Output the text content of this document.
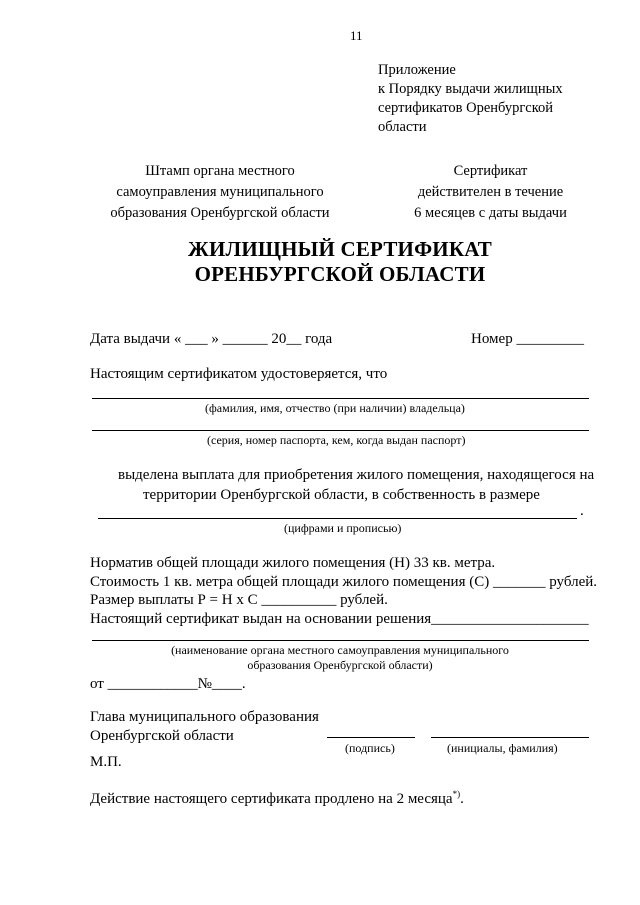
11
Приложение
к Порядку выдачи жилищных
сертификатов Оренбургской
области
Штамп органа местного
самоуправления муниципального
образования Оренбургской области
Сертификат
действителен в течение
6 месяцев с даты выдачи
ЖИЛИЩНЫЙ СЕРТИФИКАТ
ОРЕНБУРГСКОЙ ОБЛАСТИ
Дата выдачи « ___ » ______ 20__ года	Номер _________
Настоящим сертификатом удостоверяется, что
(фамилия, имя, отчество (при наличии) владельца)
(серия, номер паспорта, кем, когда выдан паспорт)
выделена выплата для приобретения жилого помещения, находящегося на
территории Оренбургской области, в собственность в размере
.
(цифрами и прописью)
Норматив общей площади жилого помещения (Н) 33 кв. метра.
Стоимость 1 кв. метра общей площади жилого помещения (С) _______ рублей.
Размер выплаты Р = Н х С __________ рублей.
Настоящий сертификат выдан на основании решения_____________________
(наименование органа местного самоуправления муниципального
образования Оренбургской области)
от ____________№____.
Глава муниципального образования
Оренбургской области
(подпись)	(инициалы, фамилия)
М.П.
Действие настоящего сертификата продлено на 2 месяца*).
